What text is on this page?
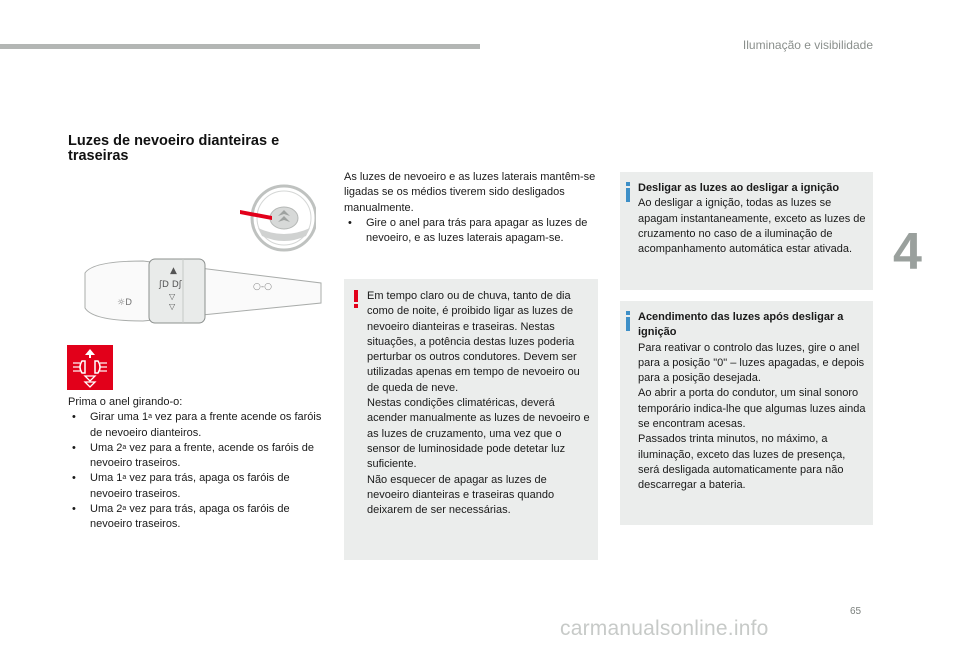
Iluminação e visibilidade
4
Luzes de nevoeiro dianteiras e traseiras
▲
ʃD Dʃ
▽
▽
☼D
○-○
Prima o anel girando-o:
• Girar uma 1$^a$ vez para a frente acende os faróis de nevoeiro dianteiros.
• Uma 2$^a$ vez para a frente, acende os faróis de nevoeiro traseiros.
• Uma 1$^a$ vez para trás, apaga os faróis de nevoeiro traseiros.
• Uma 2$^a$ vez para trás, apaga os faróis de nevoeiro traseiros.
As luzes de nevoeiro e as luzes laterais mantêm-se ligadas se os médios tiverem sido desligados manualmente.
• Gire o anel para trás para apagar as luzes de nevoeiro, e as luzes laterais apagam-se.
Em tempo claro ou de chuva, tanto de dia como de noite, é proibido ligar as luzes de nevoeiro dianteiras e traseiras. Nestas situações, a potência destas luzes poderia perturbar os outros condutores. Devem ser utilizadas apenas em tempo de nevoeiro ou de queda de neve.
Nestas condições climatéricas, deverá acender manualmente as luzes de nevoeiro e as luzes de cruzamento, uma vez que o sensor de luminosidade pode detetar luz suficiente.
Não esquecer de apagar as luzes de nevoeiro dianteiras e traseiras quando deixarem de ser necessárias.
Desligar as luzes ao desligar a ignição
Ao desligar a ignição, todas as luzes se apagam instantaneamente, exceto as luzes de cruzamento no caso de a iluminação de acompanhamento automática estar ativada.
Acendimento das luzes após desligar a ignição
Para reativar o controlo das luzes, gire o anel para a posição "0" – luzes apagadas, e depois para a posição desejada.
Ao abrir a porta do condutor, um sinal sonoro temporário indica-lhe que algumas luzes ainda se encontram acesas.
Passados trinta minutos, no máximo, a iluminação, exceto das luzes de presença, será desligada automaticamente para não descarregar a bateria.
65
carmanualsonline.info
